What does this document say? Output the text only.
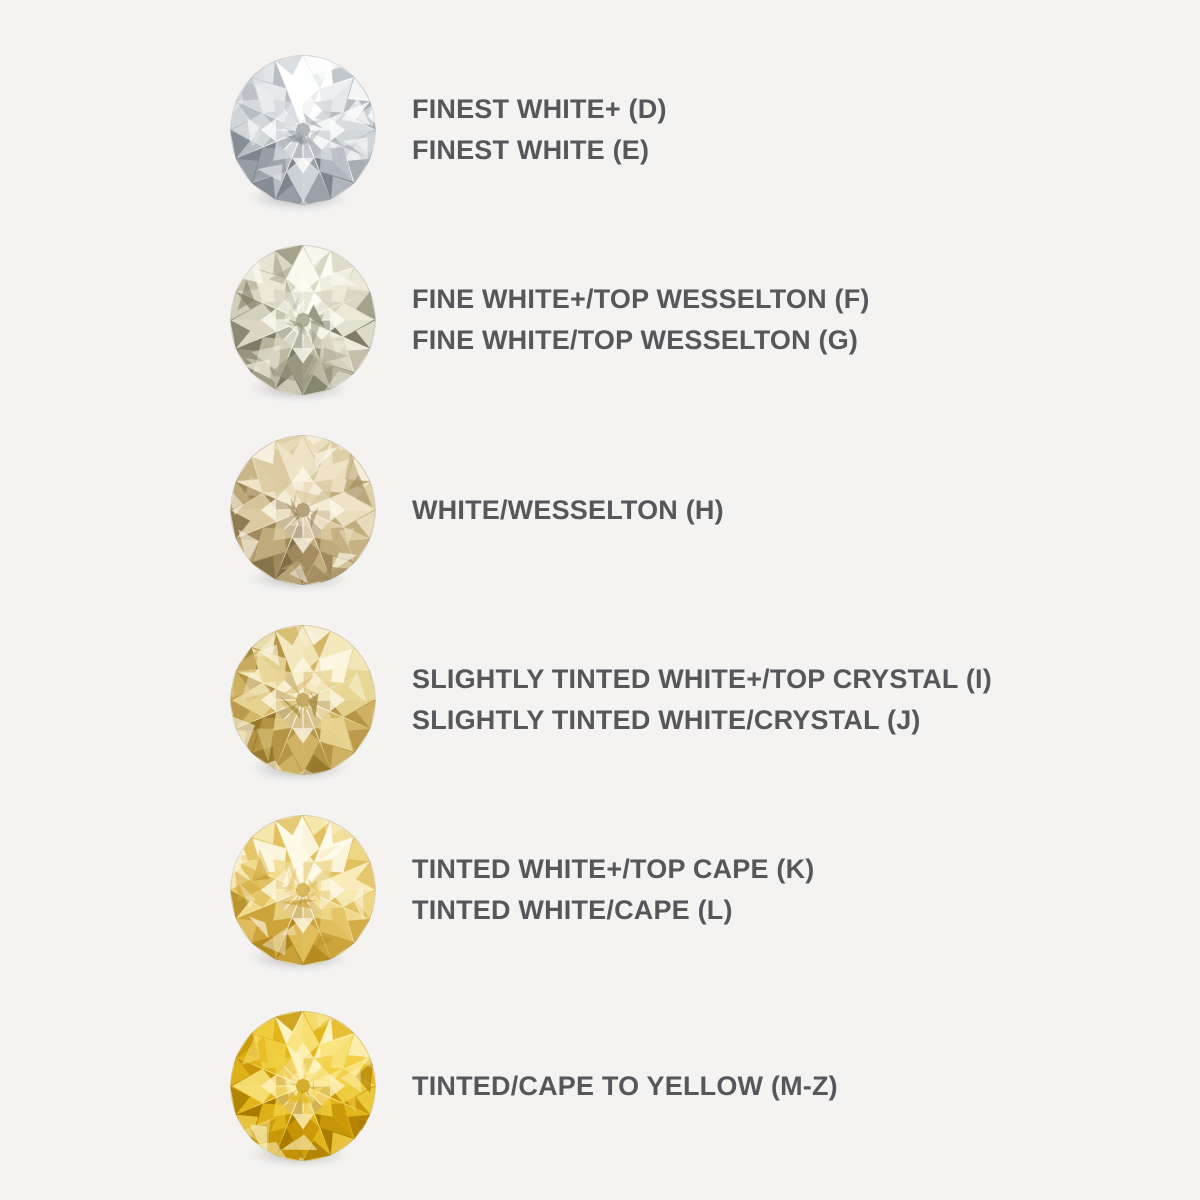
FINEST WHITE+ (D)
FINEST WHITE (E)
FINE WHITE+/TOP WESSELTON (F)
FINE WHITE/TOP WESSELTON (G)
WHITE/WESSELTON (H)
SLIGHTLY TINTED WHITE+/TOP CRYSTAL (I)
SLIGHTLY TINTED WHITE/CRYSTAL (J)
TINTED WHITE+/TOP CAPE (K)
TINTED WHITE/CAPE (L)
TINTED/CAPE TO YELLOW (M-Z)
